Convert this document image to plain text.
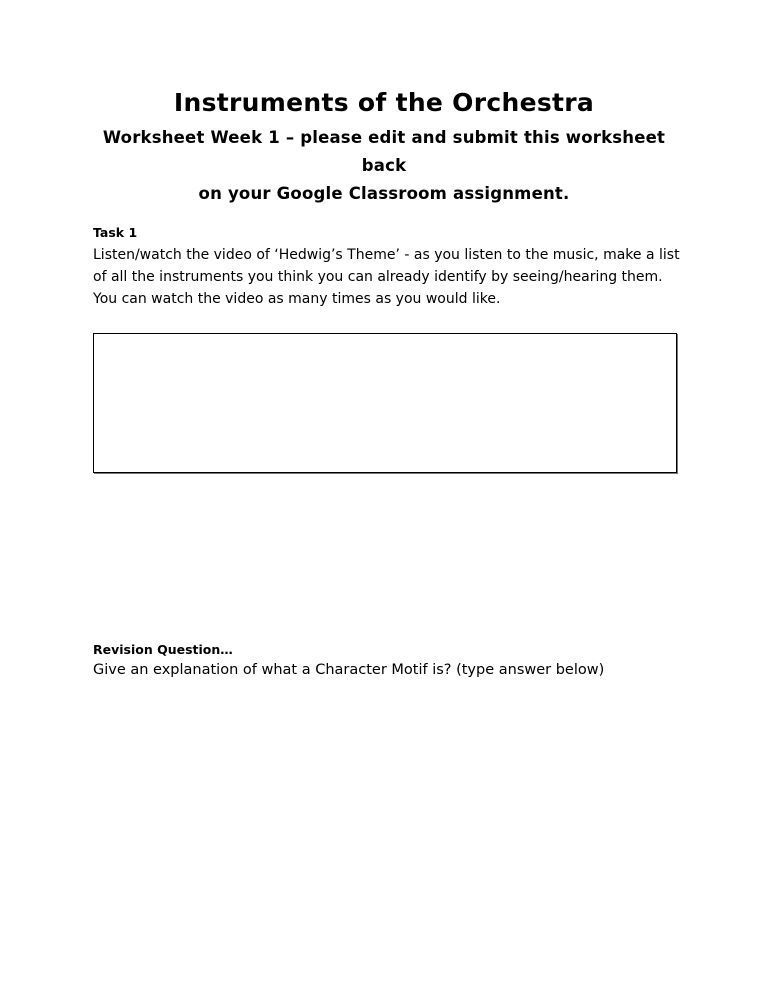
Instruments of the Orchestra
Worksheet Week 1 – please edit and submit this worksheet back
on your Google Classroom assignment.
Task 1
Listen/watch the video of ‘Hedwig’s Theme’ - as you listen to the music, make a list of all the instruments you think you can already identify by seeing/hearing them. You can watch the video as many times as you would like.
Revision Question…
Give an explanation of what a Character Motif is? (type answer below)
